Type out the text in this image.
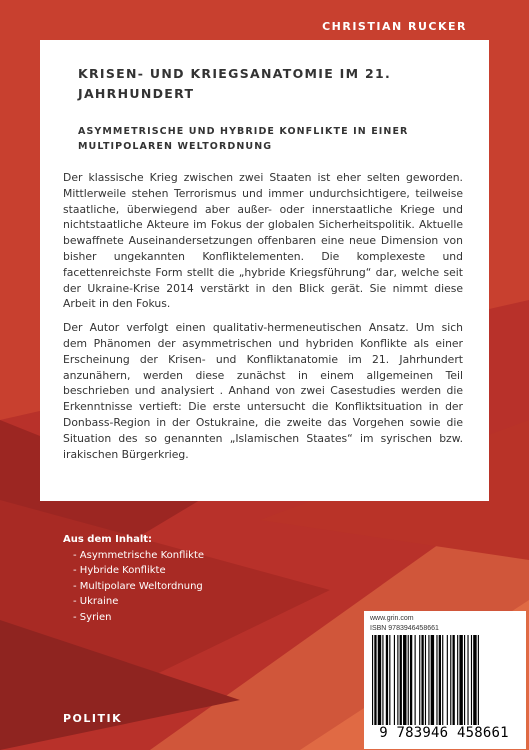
CHRISTIAN RUCKER
KRISEN- UND KRIEGSANATOMIE IM 21. JAHRHUNDERT
ASYMMETRISCHE UND HYBRIDE KONFLIKTE IN EINER MULTIPOLAREN WELTORDNUNG

Der klassische Krieg zwischen zwei Staaten ist eher selten geworden. Mittlerweile stehen Terrorismus und immer undurchsichtigere, teilweise staatliche, überwiegend aber außer- oder innerstaatliche Kriege und nichtstaatliche Akteure im Fokus der globalen Sicherheitspolitik. Aktuelle bewaffnete Auseinandersetzungen offenbaren eine neue Dimension von bisher ungekannten Konfliktelementen. Die komplexeste und facettenreichste Form stellt die „hybride Kriegsführung“ dar, welche seit der Ukraine-Krise 2014 verstärkt in den Blick gerät. Sie nimmt diese Arbeit in den Fokus.

Der Autor verfolgt einen qualitativ-hermeneutischen Ansatz. Um sich dem Phänomen der asymmetrischen und hybriden Konflikte als einer Erscheinung der Krisen- und Konfliktanatomie im 21. Jahrhundert anzunähern, werden diese zunächst in einem allgemeinen Teil beschrieben und analysiert . Anhand von zwei Casestudies werden die Erkenntnisse vertieft: Die erste untersucht die Konfliktsituation in der Donbass-Region in der Ostukraine, die zweite das Vorgehen sowie die Situation des so genannten „Islamischen Staates“ im syrischen bzw. irakischen Bürgerkrieg.

Aus dem Inhalt:
- Asymmetrische Konflikte
- Hybride Konflikte
- Multipolare Weltordnung
- Ukraine
- Syrien
POLITIK
www.grin.com
ISBN 9783946458661
9 783946 458661
